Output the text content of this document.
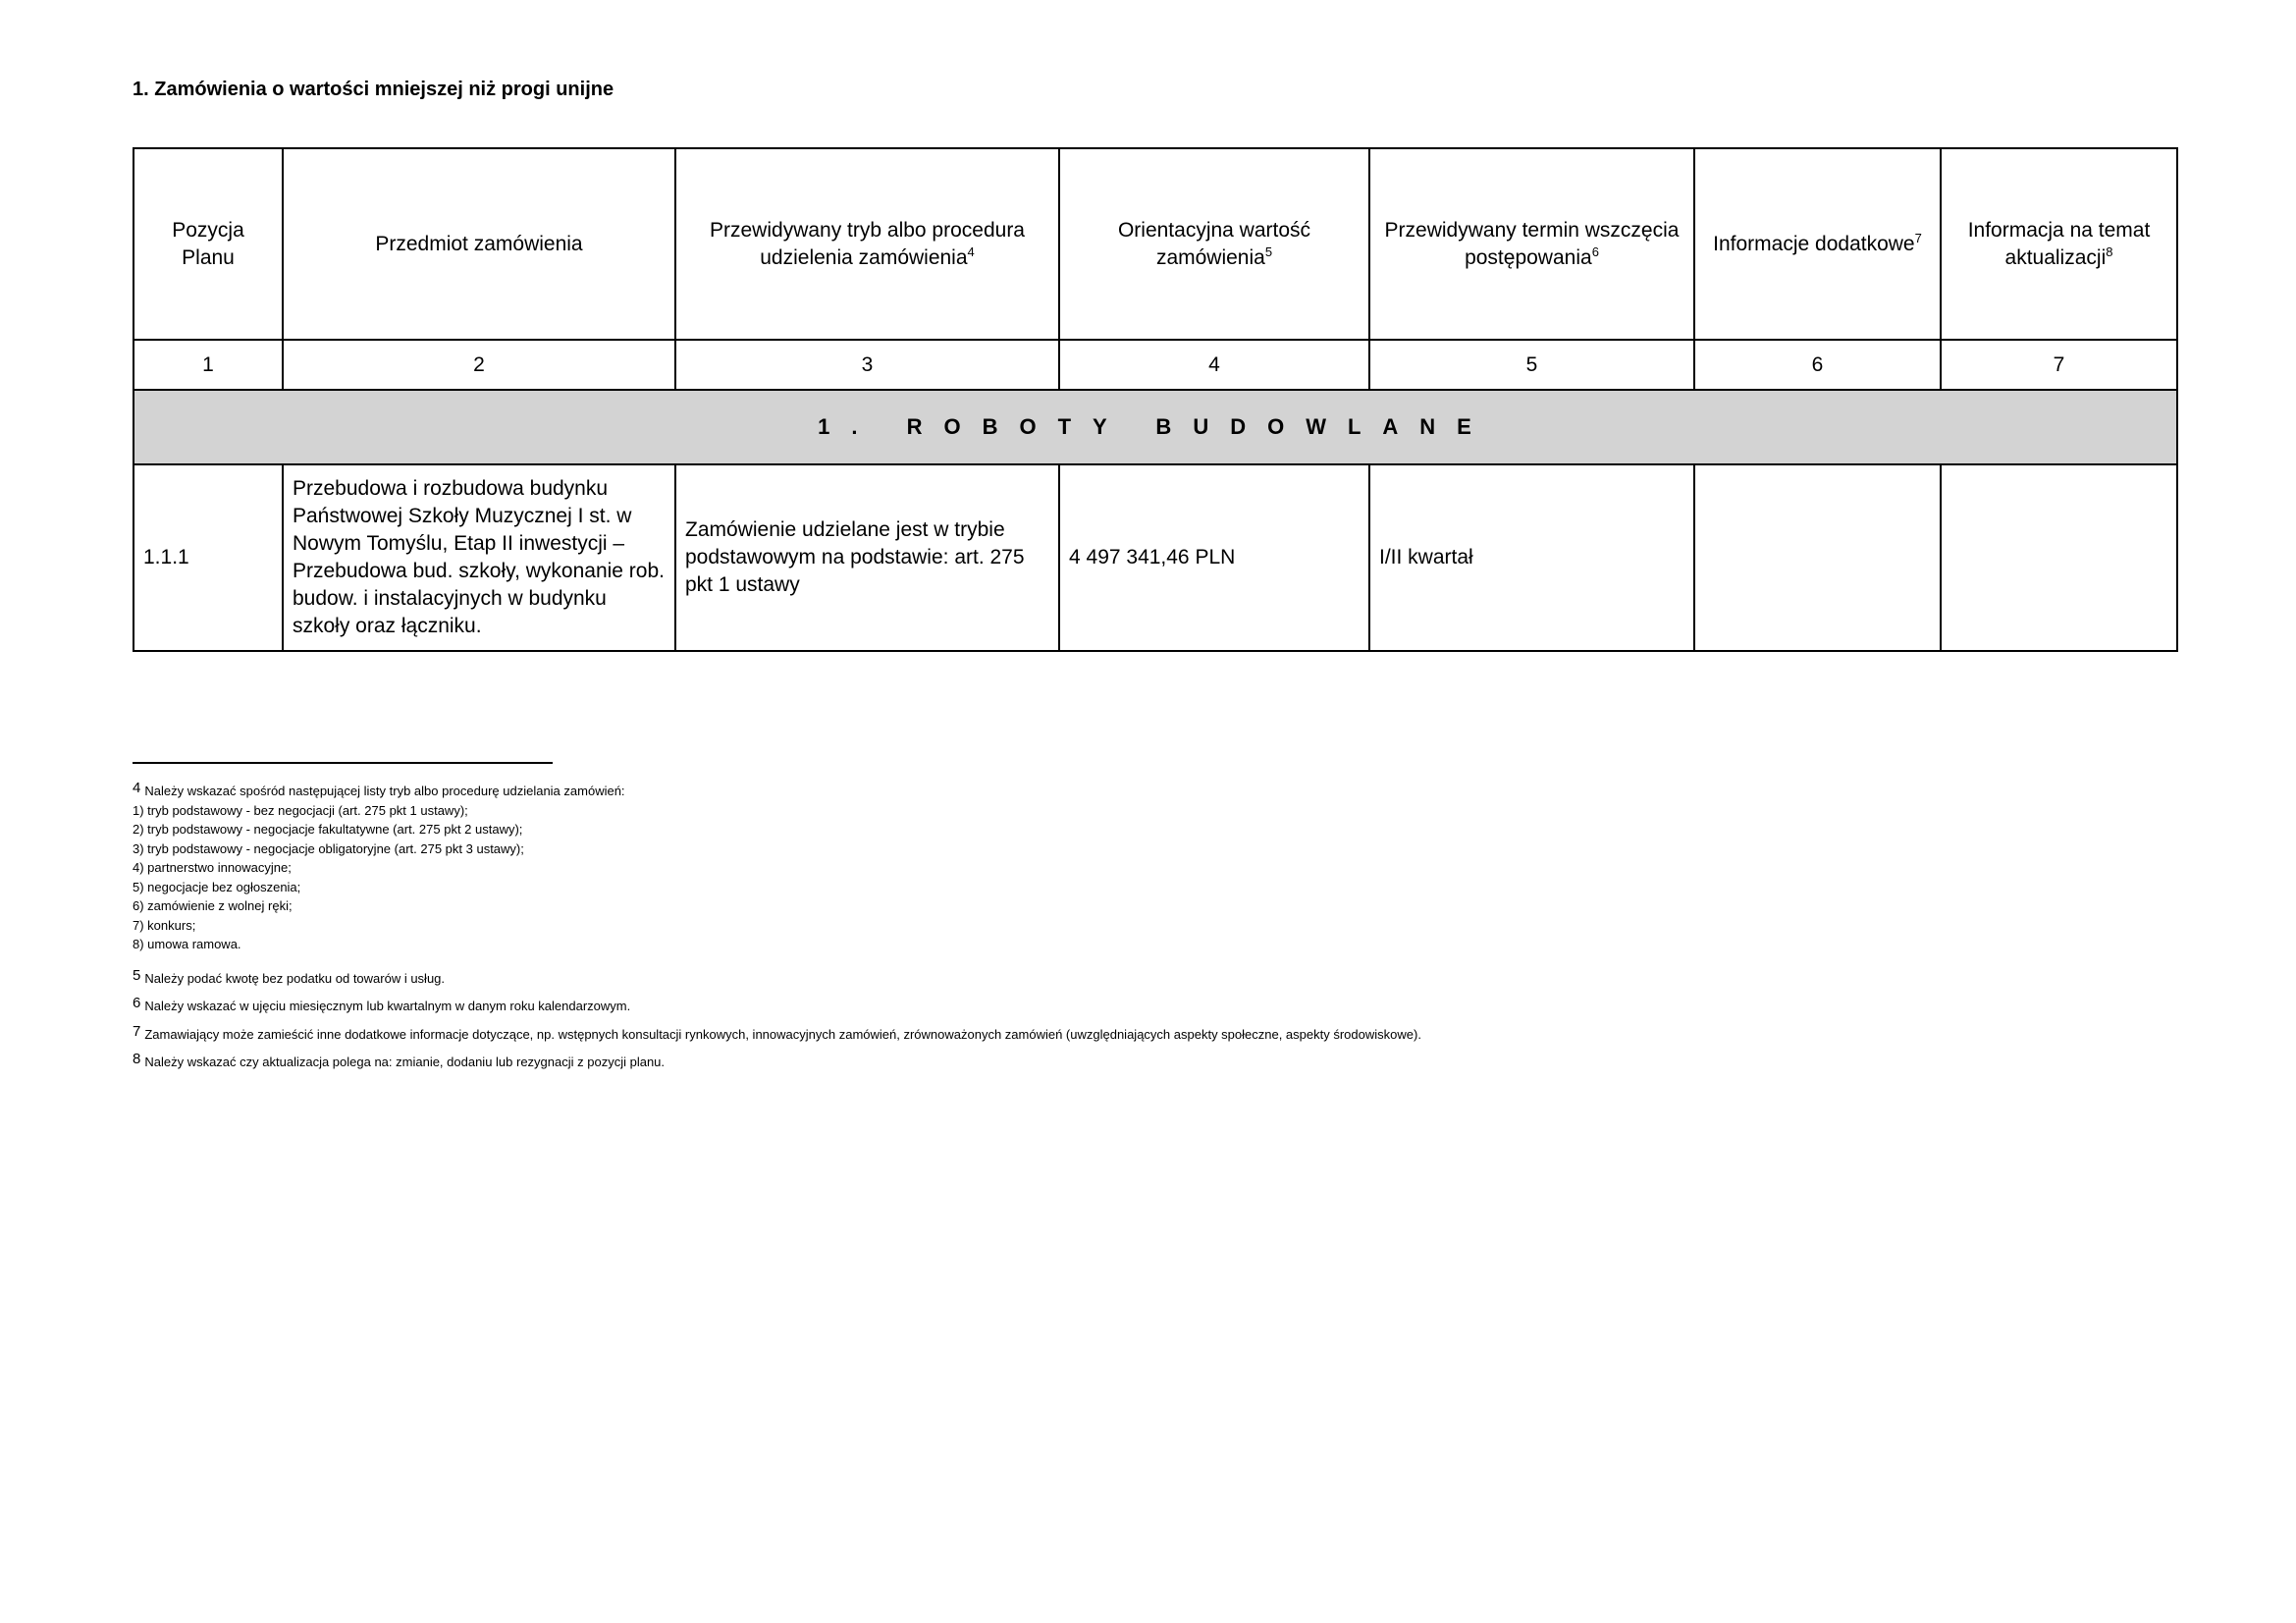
1. Zamówienia o wartości mniejszej niż progi unijne
Pozycja Planu	Przedmiot zamówienia	Przewidywany tryb albo procedura udzielenia zamówienia$^4$	Orientacyjna wartość zamówienia$^5$	Przewidywany termin wszczęcia postępowania$^6$	Informacje dodatkowe$^7$	Informacja na temat aktualizacji$^8$
1	2	3	4	5	6	7
1. ROBOTY BUDOWLANE						
1.1.1	Przebudowa i rozbudowa budynku Państwowej Szkoły Muzycznej I st. w Nowym Tomyślu, Etap II inwestycji – Przebudowa bud. szkoły, wykonanie rob. budow. i instalacyjnych w budynku szkoły oraz łączniku.	Zamówienie udzielane jest w trybie podstawowym na podstawie: art. 275 pkt 1 ustawy	4 497 341,46 PLN	I/II kwartał		
4 Należy wskazać spośród następującej listy tryb albo procedurę udzielania zamówień:
1) tryb podstawowy - bez negocjacji (art. 275 pkt 1 ustawy);
2) tryb podstawowy - negocjacje fakultatywne (art. 275 pkt 2 ustawy);
3) tryb podstawowy - negocjacje obligatoryjne (art. 275 pkt 3 ustawy);
4) partnerstwo innowacyjne;
5) negocjacje bez ogłoszenia;
6) zamówienie z wolnej ręki;
7) konkurs;
8) umowa ramowa.
5 Należy podać kwotę bez podatku od towarów i usług.
6 Należy wskazać w ujęciu miesięcznym lub kwartalnym w danym roku kalendarzowym.
7 Zamawiający może zamieścić inne dodatkowe informacje dotyczące, np. wstępnych konsultacji rynkowych, innowacyjnych zamówień, zrównoważonych zamówień (uwzględniających aspekty społeczne, aspekty środowiskowe).
8 Należy wskazać czy aktualizacja polega na: zmianie, dodaniu lub rezygnacji z pozycji planu.
